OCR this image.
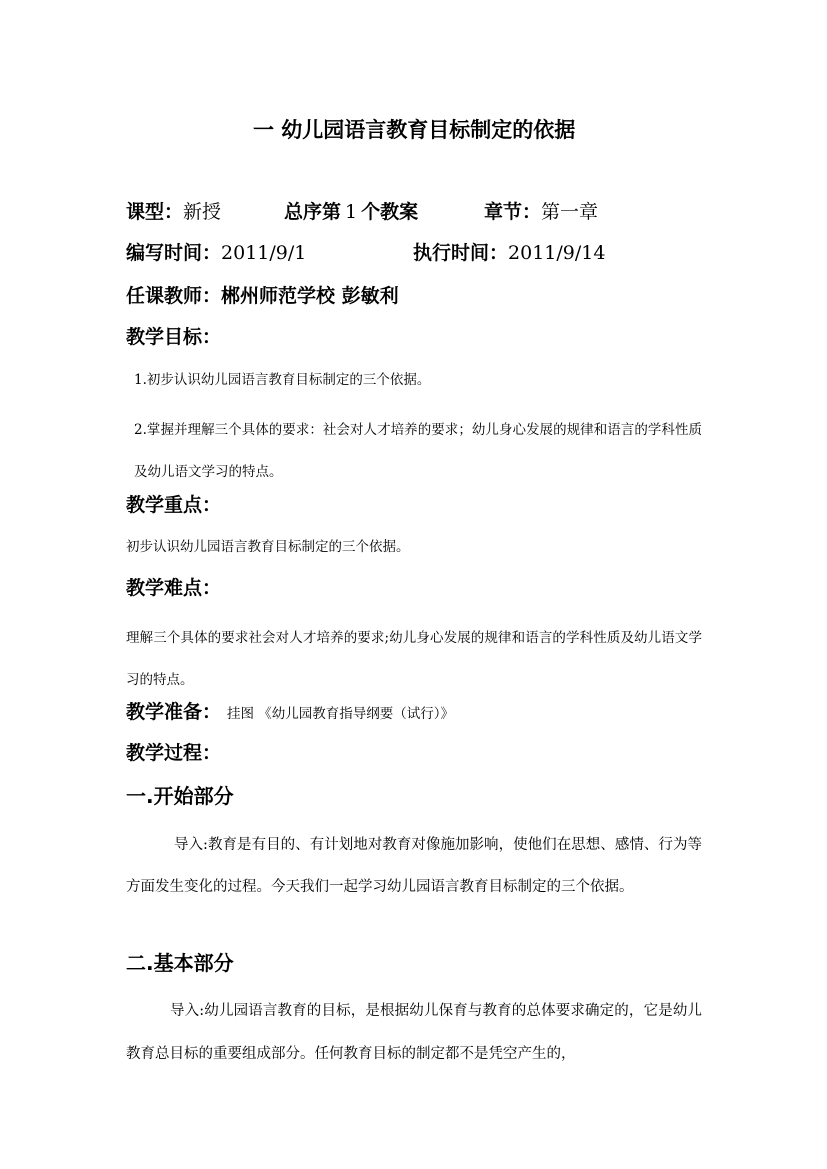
一 幼儿园语言教育目标制定的依据
课型：新授	总序第 1 个教案	章节：第一章
编写时间：2011/9/1	执行时间：2011/9/14
任课教师：郴州师范学校 彭敏利
教学目标：
1.初步认识幼儿园语言教育目标制定的三个依据。
2.掌握并理解三个具体的要求：社会对人才培养的要求；幼儿身心发展的规律和语言的学科性质及幼儿语文学习的特点。
教学重点：
初步认识幼儿园语言教育目标制定的三个依据。
教学难点：
理解三个具体的要求社会对人才培养的要求;幼儿身心发展的规律和语言的学科性质及幼儿语文学习的特点。
教学准备： 挂图 《幼儿园教育指导纲要（试行）》
教学过程：
一.开始部分
导入:教育是有目的、有计划地对教育对像施加影响，使他们在思想、感情、行为等方面发生变化的过程。今天我们一起学习幼儿园语言教育目标制定的三个依据。
二.基本部分
导入:幼儿园语言教育的目标，是根据幼儿保育与教育的总体要求确定的，它是幼儿教育总目标的重要组成部分。任何教育目标的制定都不是凭空产生的，
